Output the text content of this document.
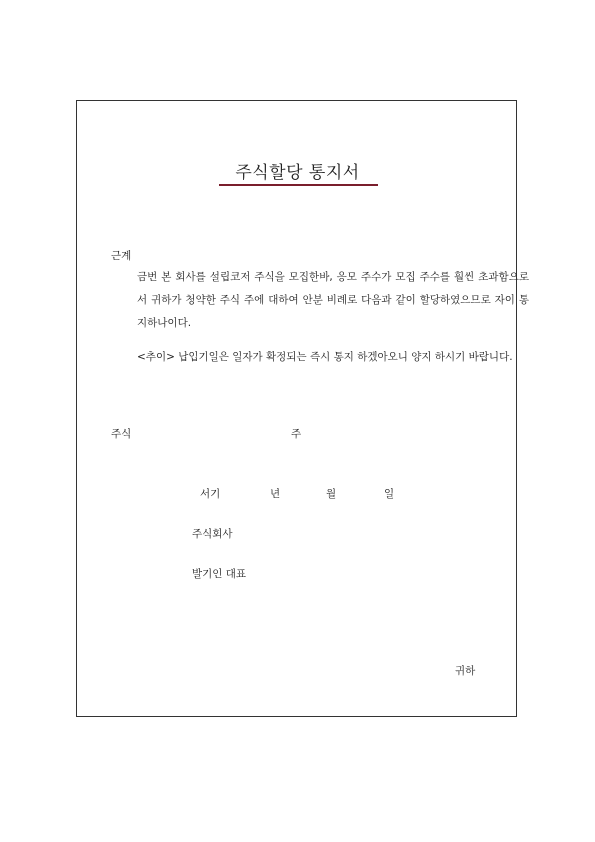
주식할당 통지서
근계
금번 본 회사를 설립코저 주식을 모집한바, 응모 주수가 모집 주수를 훨씬 초과함으로서 귀하가 청약한 주식 주에 대하여 안분 비례로 다음과 같이 할당하였으므로 자이 통지하나이다.
<추이> 납입기일은 일자가 확정되는 즉시 통지 하겠아오니 양지 하시기 바랍니다.
주식	주
서기	년	월	일
주식회사
발기인 대표
귀하
